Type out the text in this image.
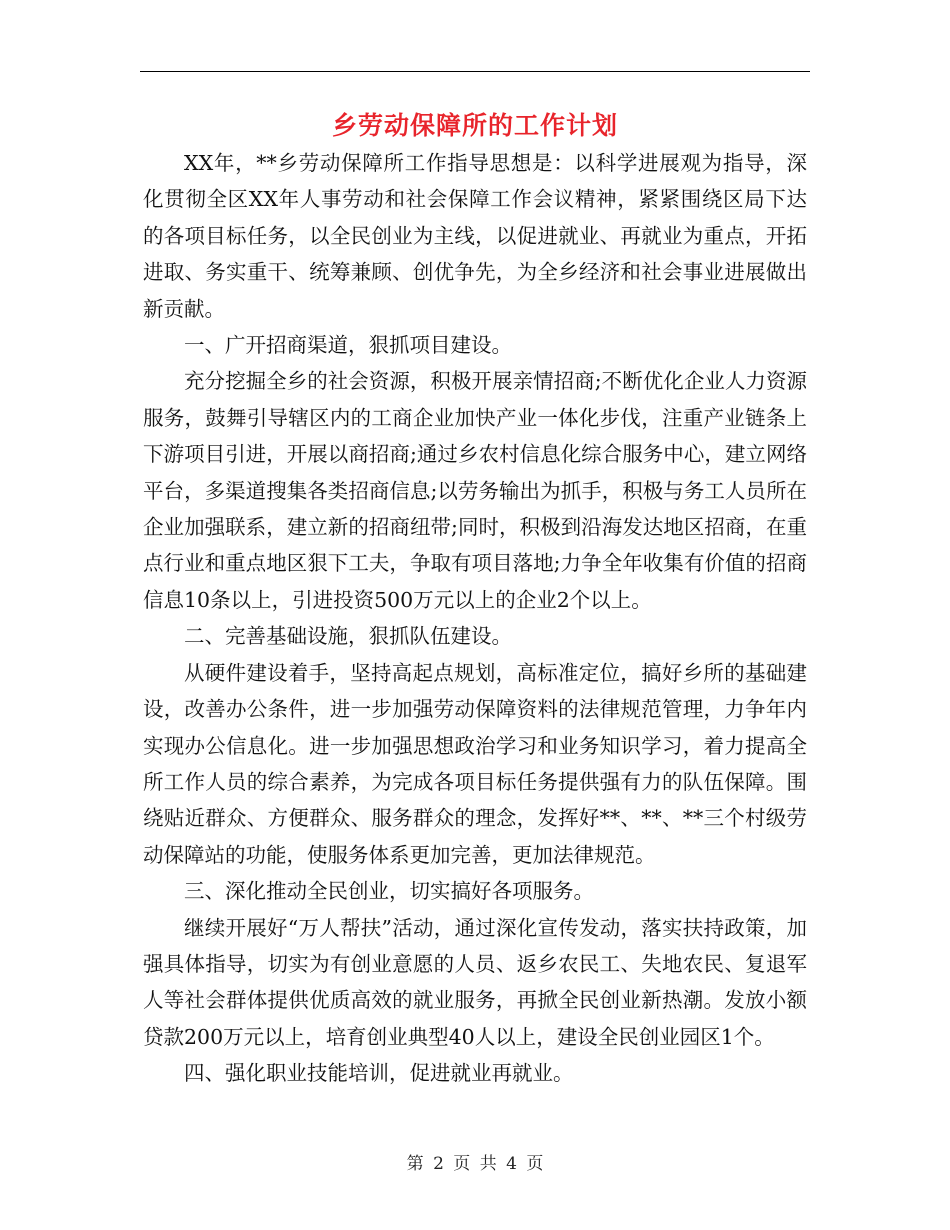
乡劳动保障所的工作计划

XX年，**乡劳动保障所工作指导思想是：以科学进展观为指导，深化贯彻全区XX年人事劳动和社会保障工作会议精神，紧紧围绕区局下达的各项目标任务，以全民创业为主线，以促进就业、再就业为重点，开拓进取、务实重干、统筹兼顾、创优争先，为全乡经济和社会事业进展做出新贡献。

一、广开招商渠道，狠抓项目建设。

充分挖掘全乡的社会资源，积极开展亲情招商;不断优化企业人力资源服务，鼓舞引导辖区内的工商企业加快产业一体化步伐，注重产业链条上下游项目引进，开展以商招商;通过乡农村信息化综合服务中心，建立网络平台，多渠道搜集各类招商信息;以劳务输出为抓手，积极与务工人员所在企业加强联系，建立新的招商纽带;同时，积极到沿海发达地区招商，在重点行业和重点地区狠下工夫，争取有项目落地;力争全年收集有价值的招商信息10条以上，引进投资500万元以上的企业2个以上。

二、完善基础设施，狠抓队伍建设。

从硬件建设着手，坚持高起点规划，高标准定位，搞好乡所的基础建设，改善办公条件，进一步加强劳动保障资料的法律规范管理，力争年内实现办公信息化。进一步加强思想政治学习和业务知识学习，着力提高全所工作人员的综合素养，为完成各项目标任务提供强有力的队伍保障。围绕贴近群众、方便群众、服务群众的理念，发挥好**、**、**三个村级劳动保障站的功能，使服务体系更加完善，更加法律规范。

三、深化推动全民创业，切实搞好各项服务。

继续开展好“万人帮扶”活动，通过深化宣传发动，落实扶持政策，加强具体指导，切实为有创业意愿的人员、返乡农民工、失地农民、复退军人等社会群体提供优质高效的就业服务，再掀全民创业新热潮。发放小额贷款200万元以上，培育创业典型40人以上，建设全民创业园区1个。

四、强化职业技能培训，促进就业再就业。

第 2 页 共 4 页
